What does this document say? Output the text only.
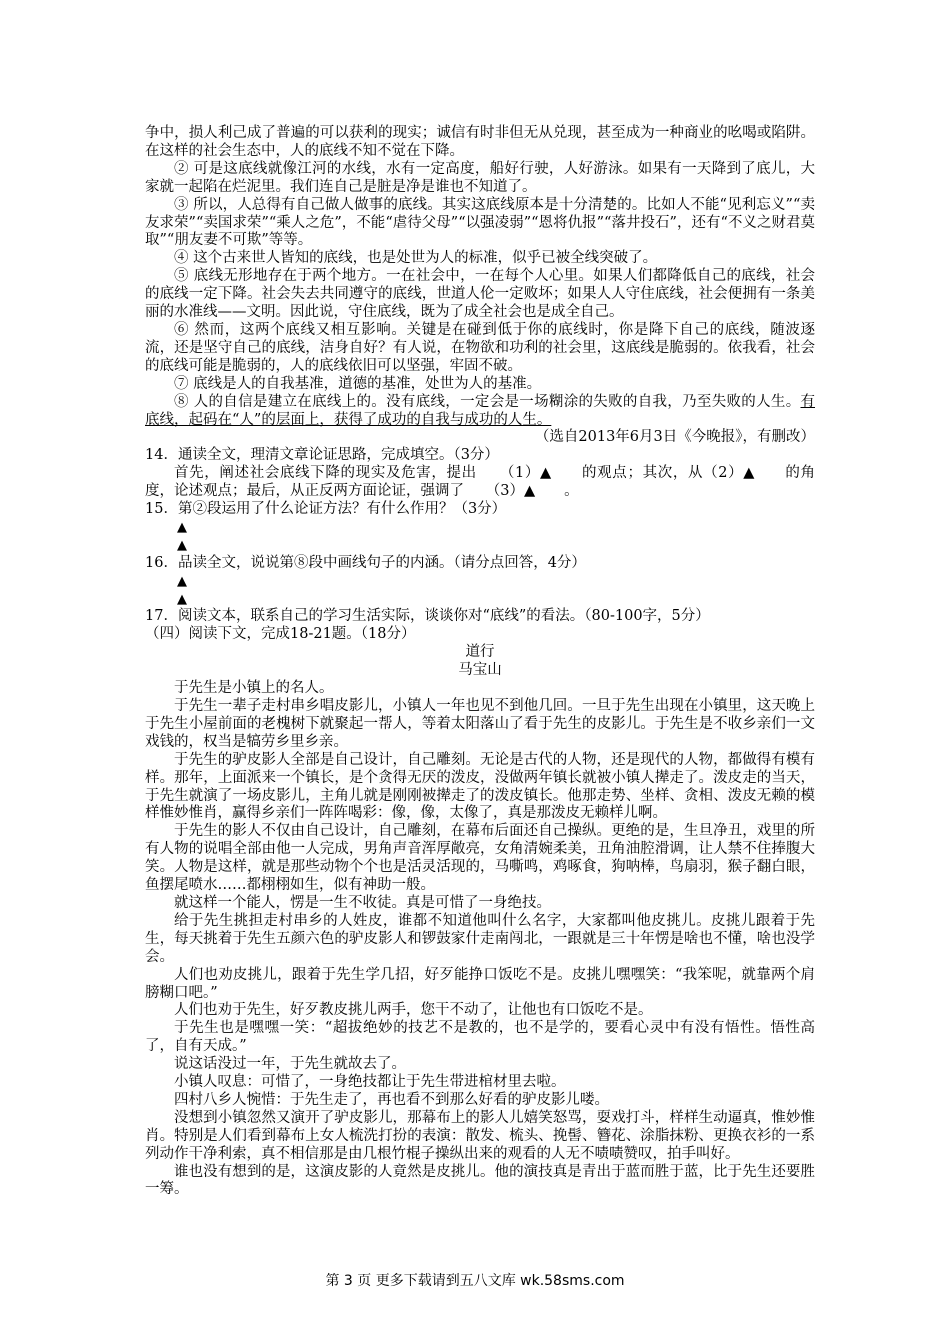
争中，损人利己成了普遍的可以获利的现实；诚信有时非但无从兑现，甚至成为一种商业的吆喝或陷阱。在这样的社会生态中，人的底线不知不觉在下降。

② 可是这底线就像江河的水线，水有一定高度，船好行驶，人好游泳。如果有一天降到了底儿，大家就一起陷在烂泥里。我们连自己是脏是净是谁也不知道了。

③ 所以，人总得有自己做人做事的底线。其实这底线原本是十分清楚的。比如人不能“见利忘义”“卖友求荣”“卖国求荣”“乘人之危”，不能“虐待父母”“以强凌弱”“恩将仇报”“落井投石”，还有“不义之财君莫取”“朋友妻不可欺”等等。

④ 这个古来世人皆知的底线，也是处世为人的标准，似乎已被全线突破了。

⑤ 底线无形地存在于两个地方。一在社会中，一在每个人心里。如果人们都降低自己的底线，社会的底线一定下降。社会失去共同遵守的底线，世道人伦一定败坏；如果人人守住底线，社会便拥有一条美丽的水准线——文明。因此说，守住底线，既为了成全社会也是成全自己。

⑥ 然而，这两个底线又相互影响。关键是在碰到低于你的底线时，你是降下自己的底线，随波逐流，还是坚守自己的底线，洁身自好？有人说，在物欲和功利的社会里，这底线是脆弱的。依我看，社会的底线可能是脆弱的，人的底线依旧可以坚强，牢固不破。

⑦ 底线是人的自我基准，道德的基准，处世为人的基准。

⑧ 人的自信是建立在底线上的。没有底线，一定会是一场糊涂的失败的自我，乃至失败的人生。有底线，起码在“人”的层面上，获得了成功的自我与成功的人生。

（选自2013年6月3日《今晚报》，有删改）

14．通读全文，理清文章论证思路，完成填空。（3分）

首先，阐述社会底线下降的现实及危害，提出　　（1）▲　　的观点；其次，从（2）▲　　的角度，论述观点；最后，从正反两方面论证，强调了　　（3）▲　　。

15．第②段运用了什么论证方法？有什么作用？（3分）

▲

▲

16．品读全文，说说第⑧段中画线句子的内涵。（请分点回答，4分）

▲

▲

17．阅读文本，联系自己的学习生活实际，谈谈你对“底线”的看法。（80-100字，5分）

（四）阅读下文，完成18-21题。（18分）

道行

马宝山

于先生是小镇上的名人。

于先生一辈子走村串乡唱皮影儿，小镇人一年也见不到他几回。一旦于先生出现在小镇里，这天晚上于先生小屋前面的老槐树下就聚起一帮人，等着太阳落山了看于先生的皮影儿。于先生是不收乡亲们一文戏钱的，权当是犒劳乡里乡亲。

于先生的驴皮影人全部是自己设计，自己雕刻。无论是古代的人物，还是现代的人物，都做得有模有样。那年，上面派来一个镇长，是个贪得无厌的泼皮，没做两年镇长就被小镇人撵走了。泼皮走的当天，于先生就演了一场皮影儿，主角儿就是刚刚被撵走了的泼皮镇长。他那走势、坐样、贪相、泼皮无赖的模样惟妙惟肖，赢得乡亲们一阵阵喝彩：像，像，太像了，真是那泼皮无赖样儿啊。

于先生的影人不仅由自己设计，自己雕刻，在幕布后面还自己操纵。更绝的是，生旦净丑，戏里的所有人物的说唱全部由他一人完成，男角声音浑厚敞亮，女角清婉柔美，丑角油腔滑调，让人禁不住捧腹大笑。人物是这样，就是那些动物个个也是活灵活现的，马嘶鸣，鸡啄食，狗呐棒，鸟扇羽，猴子翻白眼，鱼摆尾喷水……都栩栩如生，似有神助一般。

就这样一个能人，愣是一生不收徒。真是可惜了一身绝技。

给于先生挑担走村串乡的人姓皮，谁都不知道他叫什么名字，大家都叫他皮挑儿。皮挑儿跟着于先生，每天挑着于先生五颜六色的驴皮影人和锣鼓家什走南闯北，一跟就是三十年愣是啥也不懂，啥也没学会。

人们也劝皮挑儿，跟着于先生学几招，好歹能挣口饭吃不是。皮挑儿嘿嘿笑：“我笨呢，就靠两个肩膀糊口吧。”

人们也劝于先生，好歹教皮挑儿两手，您干不动了，让他也有口饭吃不是。

于先生也是嘿嘿一笑：“超拔绝妙的技艺不是教的，也不是学的，要看心灵中有没有悟性。悟性高了，自有天成。”

说这话没过一年，于先生就故去了。

小镇人叹息：可惜了，一身绝技都让于先生带进棺材里去啦。

四村八乡人惋惜：于先生走了，再也看不到那么好看的驴皮影儿喽。

没想到小镇忽然又演开了驴皮影儿，那幕布上的影人儿嬉笑怒骂，耍戏打斗，样样生动逼真，惟妙惟肖。特别是人们看到幕布上女人梳洗打扮的表演：散发、梳头、挽髻、簪花、涂脂抹粉、更换衣衫的一系列动作干净利索，真不相信那是由几根竹棍子操纵出来的观看的人无不啧啧赞叹，拍手叫好。

谁也没有想到的是，这演皮影的人竟然是皮挑儿。他的演技真是青出于蓝而胜于蓝，比于先生还要胜一筹。

第 3 页 更多下载请到五八文库 wk.58sms.com
